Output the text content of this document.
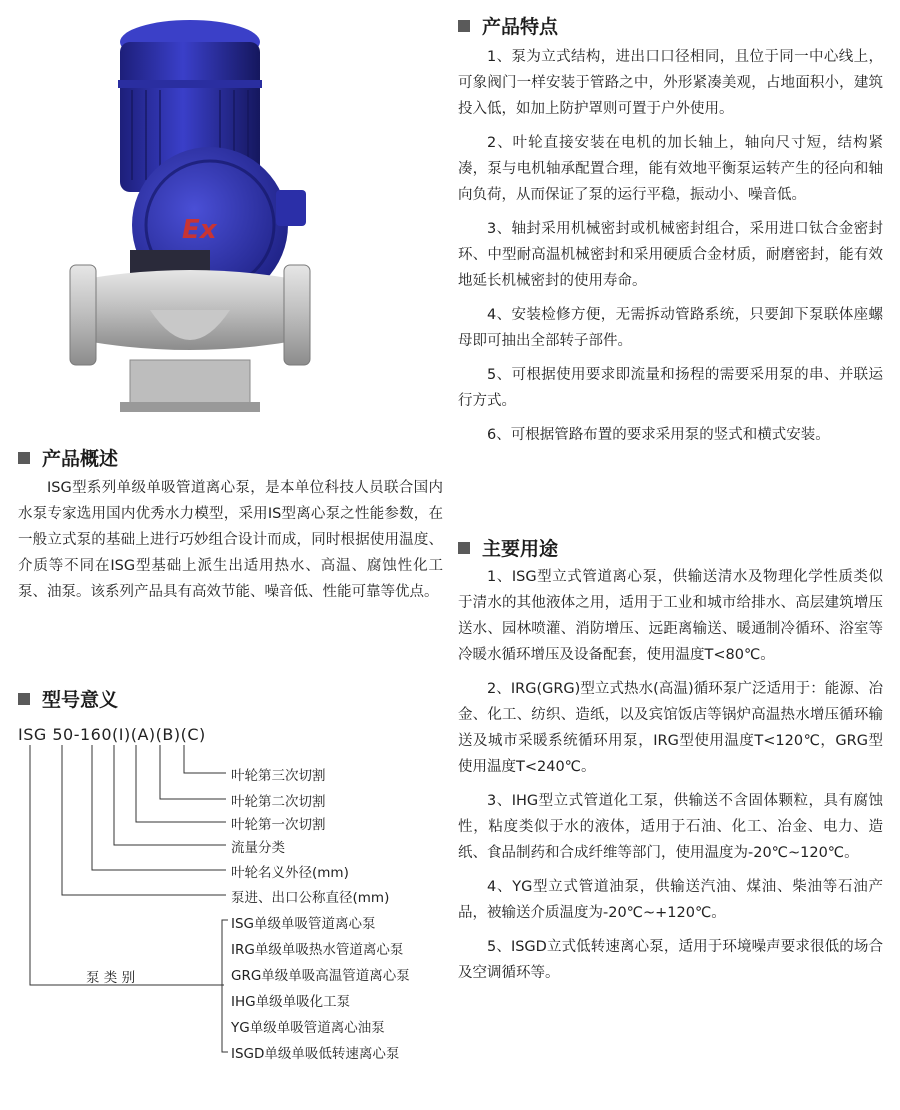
Ex
产品特点

1、泵为立式结构，进出口口径相同，且位于同一中心线上，可象阀门一样安装于管路之中，外形紧凑美观，占地面积小，建筑投入低，如加上防护罩则可置于户外使用。

2、叶轮直接安装在电机的加长轴上，轴向尺寸短，结构紧凑，泵与电机轴承配置合理，能有效地平衡泵运转产生的径向和轴向负荷，从而保证了泵的运行平稳，振动小、噪音低。

3、轴封采用机械密封或机械密封组合，采用进口钛合金密封环、中型耐高温机械密封和采用硬质合金材质，耐磨密封，能有效地延长机械密封的使用寿命。

4、安装检修方便，无需拆动管路系统，只要卸下泵联体座螺母即可抽出全部转子部件。

5、可根据使用要求即流量和扬程的需要采用泵的串、并联运行方式。

6、可根据管路布置的要求采用泵的竖式和横式安装。

主要用途

1、ISG型立式管道离心泵，供输送清水及物理化学性质类似于清水的其他液体之用，适用于工业和城市给排水、高层建筑增压送水、园林喷灌、消防增压、远距离输送、暖通制冷循环、浴室等冷暖水循环增压及设备配套，使用温度T<80℃。

2、IRG(GRG)型立式热水(高温)循环泵广泛适用于：能源、冶金、化工、纺织、造纸，以及宾馆饭店等锅炉高温热水增压循环输送及城市采暖系统循环用泵，IRG型使用温度T<120℃，GRG型使用温度T<240℃。

3、IHG型立式管道化工泵，供输送不含固体颗粒，具有腐蚀性，粘度类似于水的液体，适用于石油、化工、冶金、电力、造纸、食品制药和合成纤维等部门，使用温度为-20℃~120℃。

4、YG型立式管道油泵，供输送汽油、煤油、柴油等石油产品，被输送介质温度为-20℃~+120℃。

5、ISGD立式低转速离心泵，适用于环境噪声要求很低的场合及空调循环等。

产品概述

ISG型系列单级单吸管道离心泵，是本单位科技人员联合国内水泵专家选用国内优秀水力模型，采用IS型离心泵之性能参数，在一般立式泵的基础上进行巧妙组合设计而成，同时根据使用温度、介质等不同在ISG型基础上派生出适用热水、高温、腐蚀性化工泵、油泵。该系列产品具有高效节能、噪音低、性能可靠等优点。

型号意义
ISG 50-160(I)(A)(B)(C)
叶轮第三次切割
叶轮第二次切割
叶轮第一次切割
流量分类
叶轮名义外径(mm)
泵进、出口公称直径(mm)
泵 类 别
ISG单级单吸管道离心泵
IRG单级单吸热水管道离心泵
GRG单级单吸高温管道离心泵
IHG单级单吸化工泵
YG单级单吸管道离心油泵
ISGD单级单吸低转速离心泵
